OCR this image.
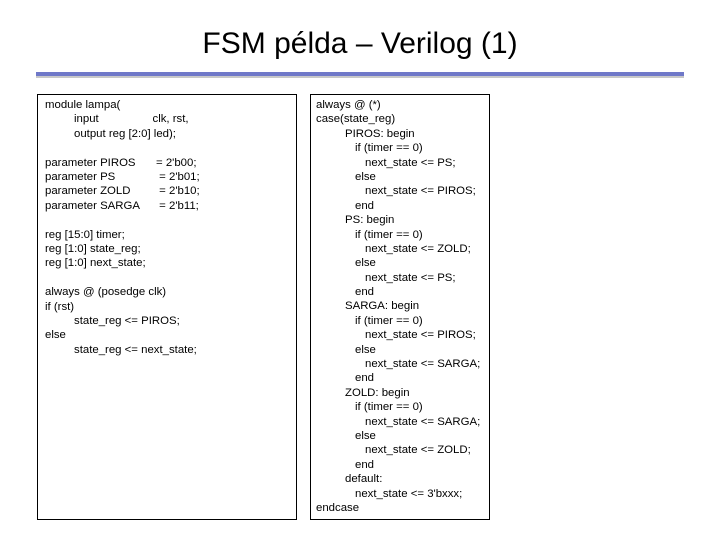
FSM példa – Verilog (1)
module lampa(
input                 clk, rst,
output reg [2:0] led);
parameter PIROS	= 2'b00;
parameter PS	= 2'b01;
parameter ZOLD	= 2'b10;
parameter SARGA	= 2'b11;
reg [15:0] timer;
reg [1:0] state_reg;
reg [1:0] next_state;
always @ (posedge clk)
if (rst)
state_reg <= PIROS;
else
state_reg <= next_state;
always @ (*)
case(state_reg)
PIROS: begin
if (timer == 0)
next_state <= PS;
else
next_state <= PIROS;
end
PS: begin
if (timer == 0)
next_state <= ZOLD;
else
next_state <= PS;
end
SARGA: begin
if (timer == 0)
next_state <= PIROS;
else
next_state <= SARGA;
end
ZOLD: begin
if (timer == 0)
next_state <= SARGA;
else
next_state <= ZOLD;
end
default:
next_state <= 3'bxxx;
endcase
